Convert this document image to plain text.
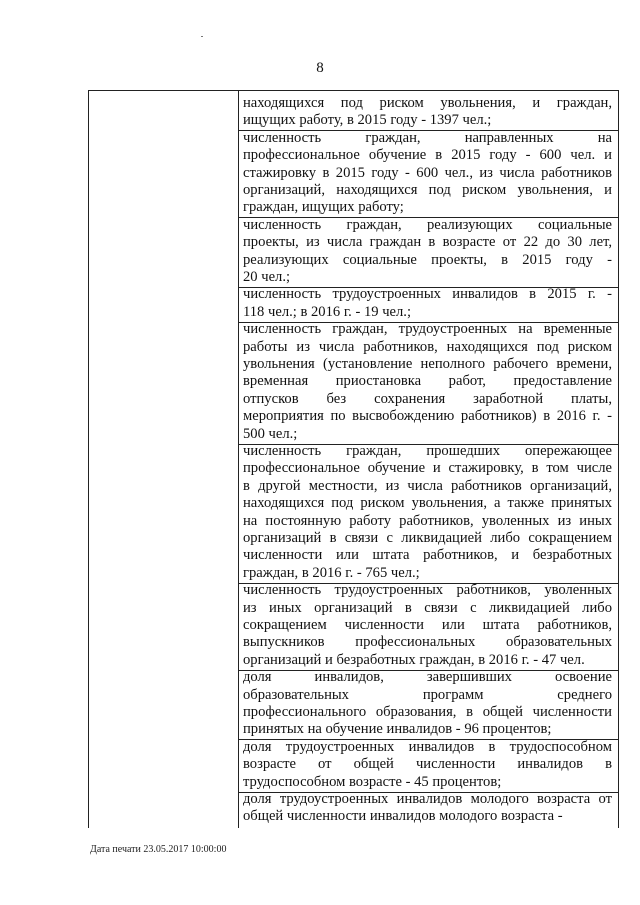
8
находящихся под риском увольнения, и граждан,
ищущих работу, в 2015 году - 1397 чел.;
численность граждан, направленных на
профессиональное обучение в 2015 году - 600 чел. и
стажировку в 2015 году - 600 чел., из числа работников
организаций, находящихся под риском увольнения, и
граждан, ищущих работу;
численность граждан, реализующих социальные
проекты, из числа граждан в возрасте от 22 до 30 лет,
реализующих социальные проекты, в 2015 году -
20 чел.;
численность трудоустроенных инвалидов в 2015 г. -
118 чел.; в 2016 г. - 19 чел.;
численность граждан, трудоустроенных на временные
работы из числа работников, находящихся под риском
увольнения (установление неполного рабочего времени,
временная приостановка работ, предоставление
отпусков без сохранения заработной платы,
мероприятия по высвобождению работников) в 2016 г. -
500 чел.;
численность граждан, прошедших опережающее
профессиональное обучение и стажировку, в том числе
в другой местности, из числа работников организаций,
находящихся под риском увольнения, а также принятых
на постоянную работу работников, уволенных из иных
организаций в связи с ликвидацией либо сокращением
численности или штата работников, и безработных
граждан, в 2016 г. - 765 чел.;
численность трудоустроенных работников, уволенных
из иных организаций в связи с ликвидацией либо
сокращением численности или штата работников,
выпускников профессиональных образовательных
организаций и безработных граждан, в 2016 г. - 47 чел.
доля инвалидов, завершивших освоение
образовательных программ среднего
профессионального образования, в общей численности
принятых на обучение инвалидов - 96 процентов;
доля трудоустроенных инвалидов в трудоспособном
возрасте от общей численности инвалидов в
трудоспособном возрасте - 45 процентов;
доля трудоустроенных инвалидов молодого возраста от
общей численности инвалидов молодого возраста -
Дата печати 23.05.2017 10:00:00
